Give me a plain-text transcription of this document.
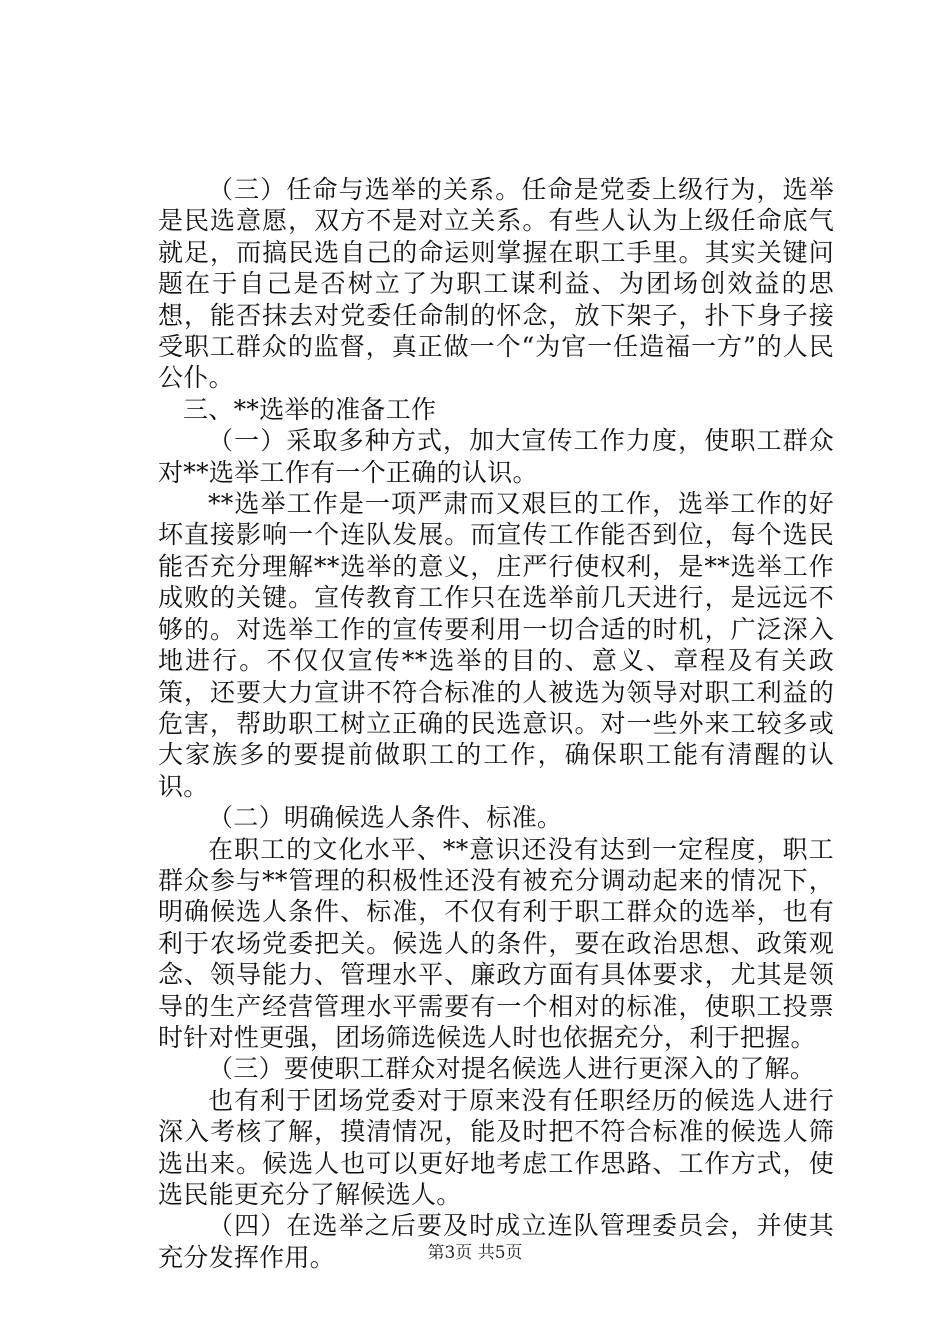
（三）任命与选举的关系。任命是党委上级行为，选举是民选意愿，双方不是对立关系。有些人认为上级任命底气就足，而搞民选自己的命运则掌握在职工手里。其实关键问题在于自己是否树立了为职工谋利益、为团场创效益的思想，能否抹去对党委任命制的怀念，放下架子，扑下身子接受职工群众的监督，真正做一个“为官一任造福一方”的人民公仆。

三、**选举的准备工作

（一）采取多种方式，加大宣传工作力度，使职工群众对**选举工作有一个正确的认识。

**选举工作是一项严肃而又艰巨的工作，选举工作的好坏直接影响一个连队发展。而宣传工作能否到位，每个选民能否充分理解**选举的意义，庄严行使权利，是**选举工作成败的关键。宣传教育工作只在选举前几天进行，是远远不够的。对选举工作的宣传要利用一切合适的时机，广泛深入地进行。不仅仅宣传**选举的目的、意义、章程及有关政策，还要大力宣讲不符合标准的人被选为领导对职工利益的危害，帮助职工树立正确的民选意识。对一些外来工较多或大家族多的要提前做职工的工作，确保职工能有清醒的认识。

（二）明确候选人条件、标准。

在职工的文化水平、**意识还没有达到一定程度，职工群众参与**管理的积极性还没有被充分调动起来的情况下，明确候选人条件、标准，不仅有利于职工群众的选举，也有利于农场党委把关。候选人的条件，要在政治思想、政策观念、领导能力、管理水平、廉政方面有具体要求，尤其是领导的生产经营管理水平需要有一个相对的标准，使职工投票时针对性更强，团场筛选候选人时也依据充分，利于把握。

（三）要使职工群众对提名候选人进行更深入的了解。

也有利于团场党委对于原来没有任职经历的候选人进行深入考核了解，摸清情况，能及时把不符合标准的候选人筛选出来。候选人也可以更好地考虑工作思路、工作方式，使选民能更充分了解候选人。

（四）在选举之后要及时成立连队管理委员会，并使其充分发挥作用。	第3页 共5页
